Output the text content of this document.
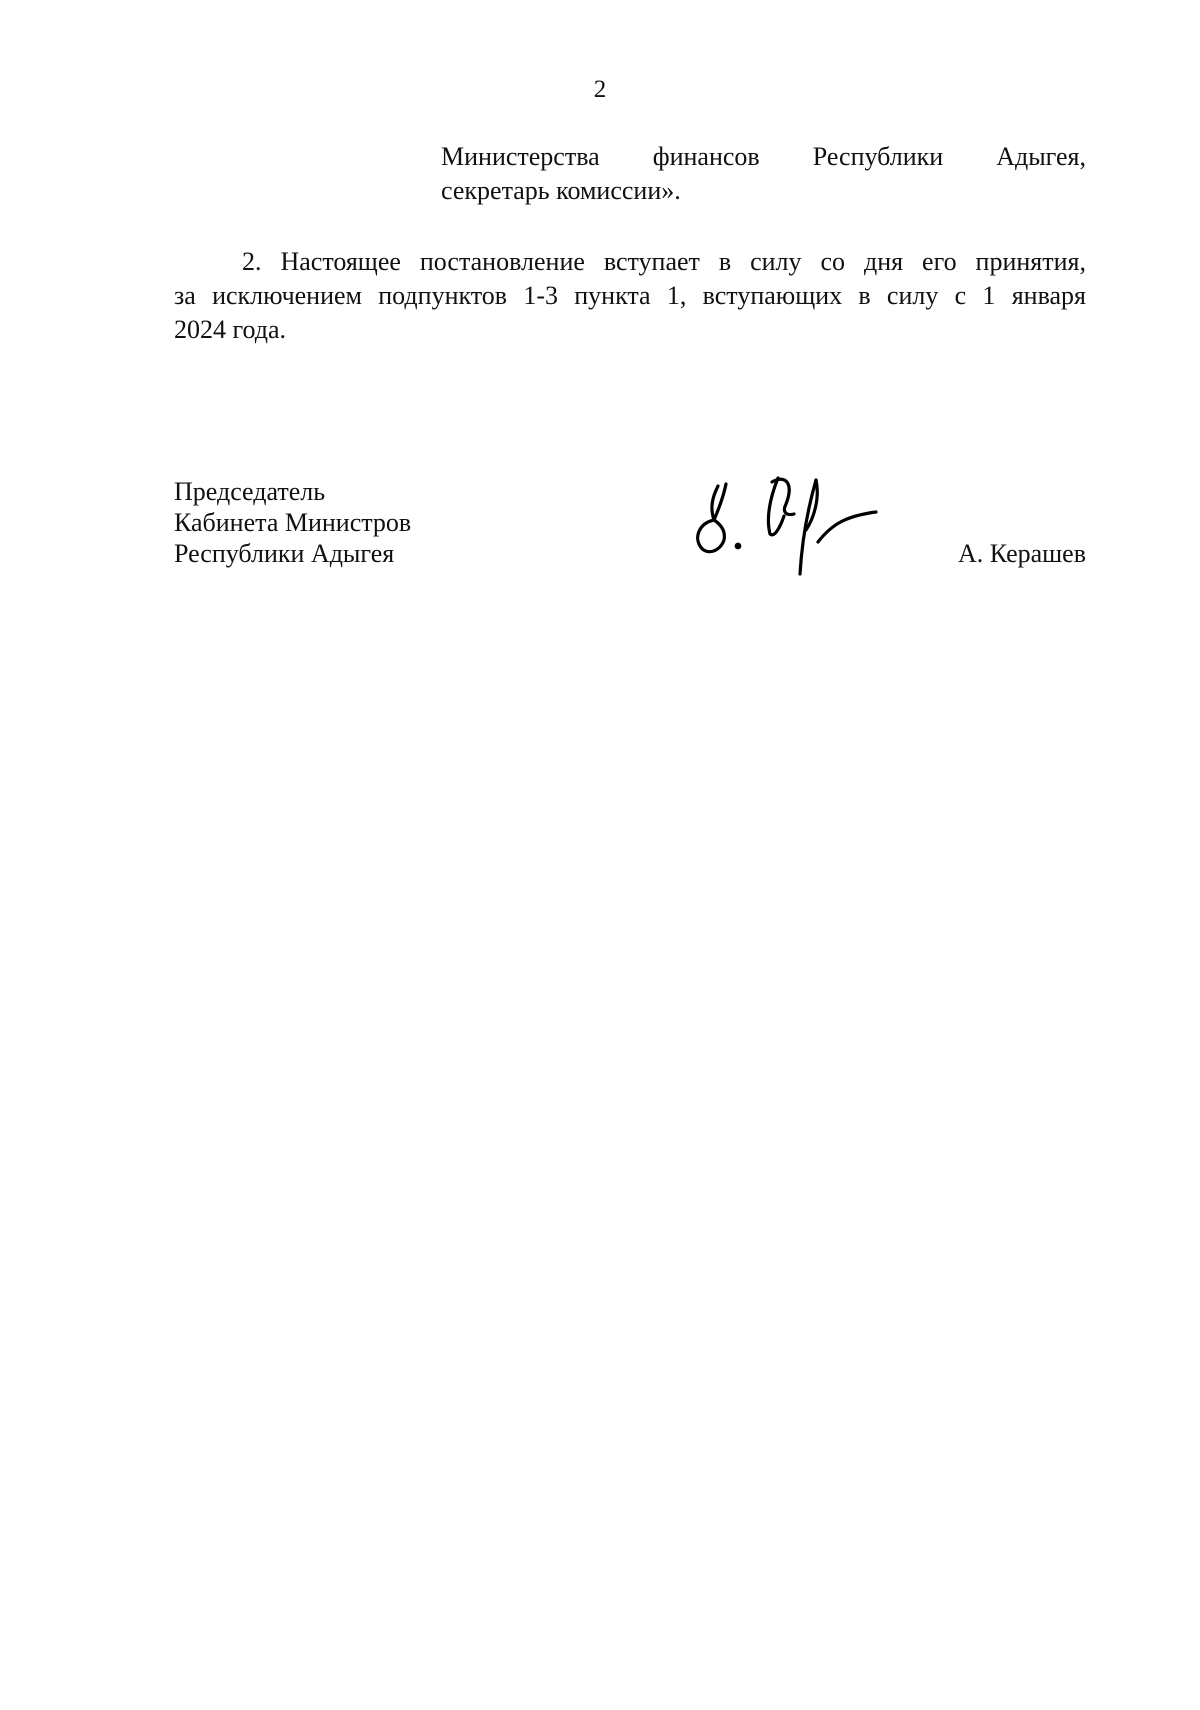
2
Министерства финансов Республики Адыгея,
секретарь комиссии».
2. Настоящее постановление вступает в силу со дня его принятия,
за исключением подпунктов 1-3 пункта 1, вступающих в силу с 1 января
2024 года.
Председатель
Кабинета Министров
Республики Адыгея	А. Керашев
